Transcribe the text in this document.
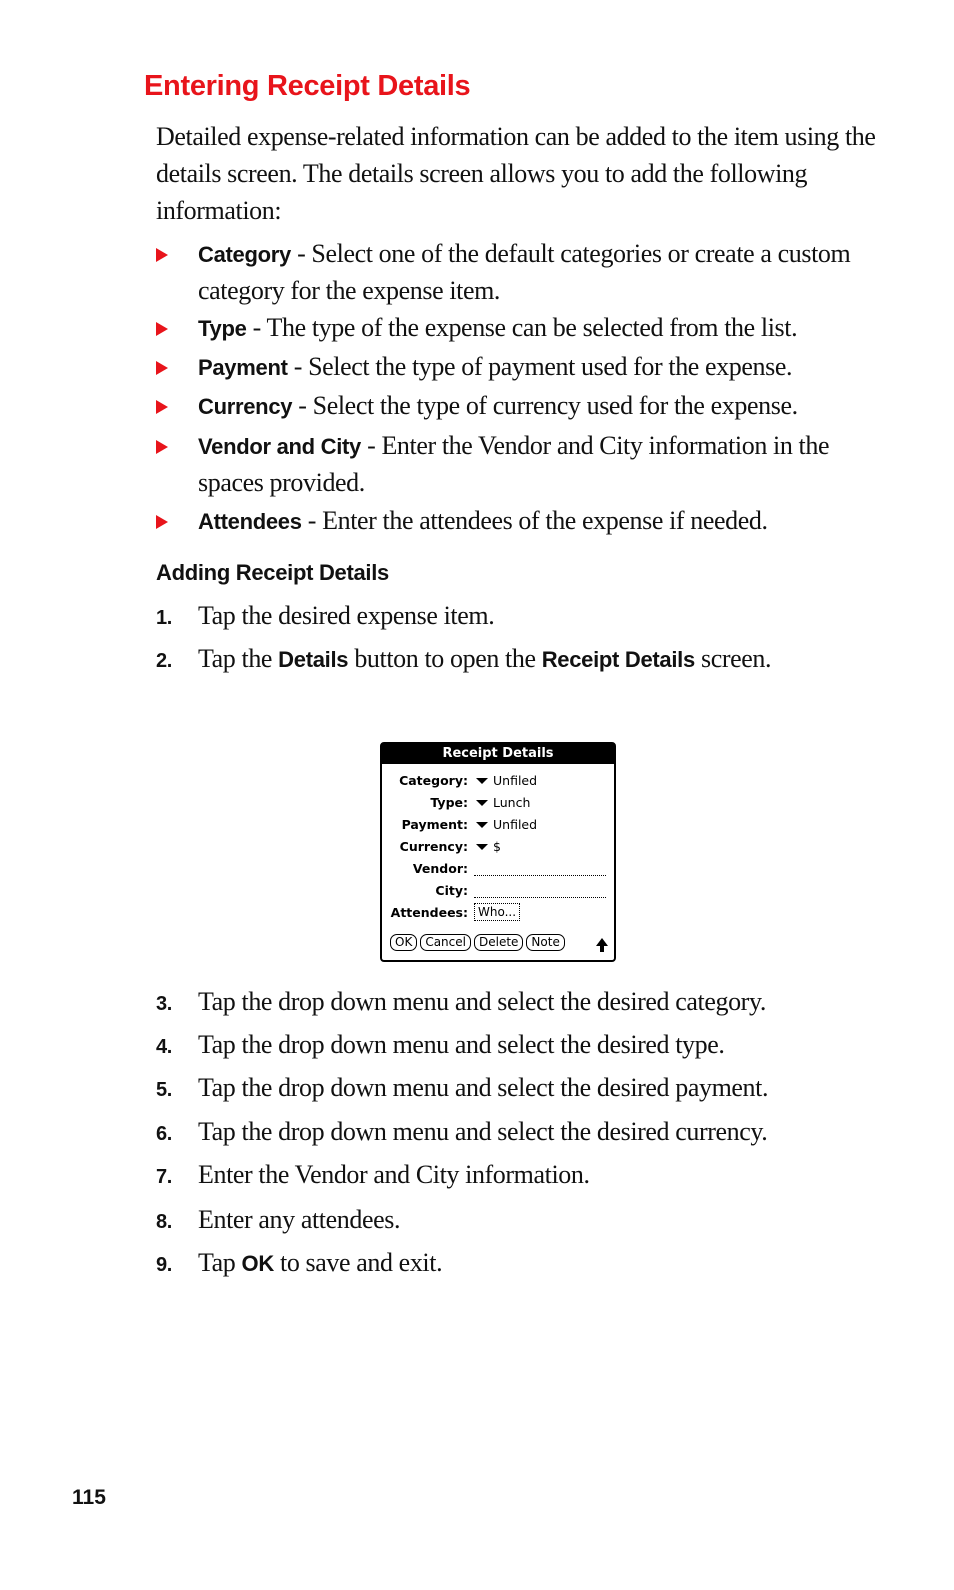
Entering Receipt Details
Detailed expense-related information can be added to the item using the details screen. The details screen allows you to add the following information:
Category - Select one of the default categories or create a custom category for the expense item.
Type - The type of the expense can be selected from the list.
Payment - Select the type of payment used for the expense.
Currency - Select the type of currency used for the expense.
Vendor and City - Enter the Vendor and City information in the spaces provided.
Attendees - Enter the attendees of the expense if needed.
Adding Receipt Details
1. Tap the desired expense item.
2. Tap the Details button to open the Receipt Details screen.
Receipt Details
Category: Unfiled
Type: Lunch
Payment: Unfiled
Currency: $
Vendor:
City:
Attendees: Who...
OK Cancel Delete Note
3. Tap the drop down menu and select the desired category.
4. Tap the drop down menu and select the desired type.
5. Tap the drop down menu and select the desired payment.
6. Tap the drop down menu and select the desired currency.
7. Enter the Vendor and City information.
8. Enter any attendees.
9. Tap OK to save and exit.
115
